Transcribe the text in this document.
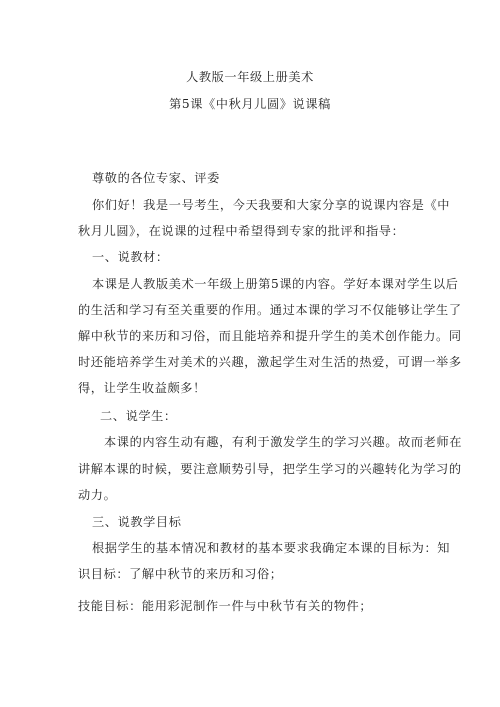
人教版一年级上册美术
第5课《中秋月儿圆》说课稿
尊敬的各位专家、评委
你们好！我是一号考生，今天我要和大家分享的说课内容是《中
秋月儿圆》，在说课的过程中希望得到专家的批评和指导：
一、说教材：
本课是人教版美术一年级上册第5课的内容。学好本课对学生以后
的生活和学习有至关重要的作用。通过本课的学习不仅能够让学生了
解中秋节的来历和习俗，而且能培养和提升学生的美术创作能力。同
时还能培养学生对美术的兴趣，激起学生对生活的热爱，可谓一举多
得，让学生收益颇多！
二、说学生：
本课的内容生动有趣，有利于激发学生的学习兴趣。故而老师在
讲解本课的时候，要注意顺势引导，把学生学习的兴趣转化为学习的
动力。
三、说教学目标
根据学生的基本情况和教材的基本要求我确定本课的目标为：知
识目标：了解中秋节的来历和习俗；
技能目标：能用彩泥制作一件与中秋节有关的物件；
